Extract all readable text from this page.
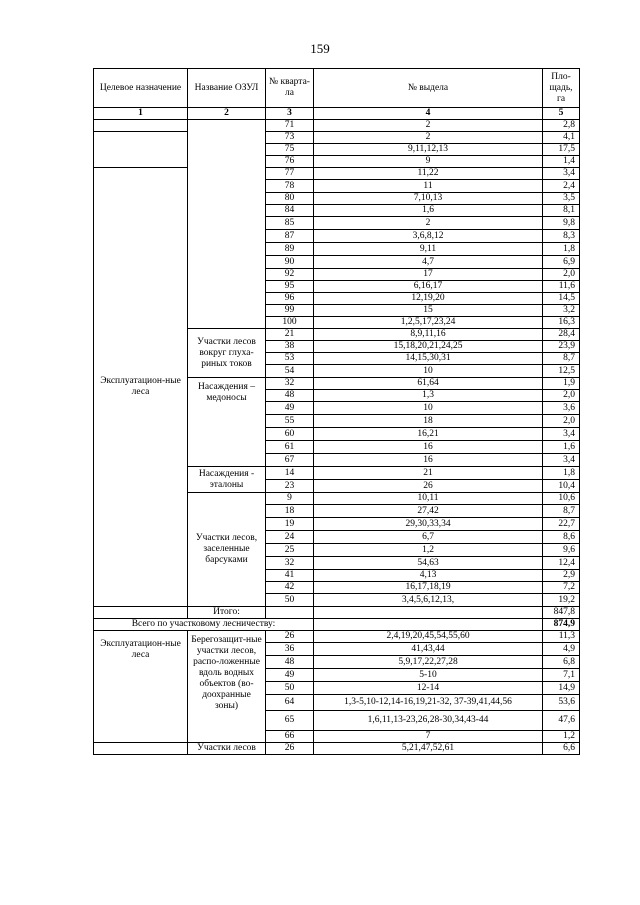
159
Целевое назначение	Название ОЗУЛ	№ кварта-ла	№ выдела	Пло-щадь, га
1	2	3	4	5
		71	2	2,8
		73	2	4,1
		75	9,11,12,13	17,5
		76	9	1,4
Эксплуатацион-ные леса		77	11,22	3,4
		78	11	2,4
		80	7,10,13	3,5
		84	1,6	8,1
		85	2	9,8
		87	3,6,8,12	8,3
		89	9,11	1,8
		90	4,7	6,9
		92	17	2,0
		95	6,16,17	11,6
		96	12,19,20	14,5
		99	15	3,2
		100	1,2,5,17,23,24	16,3
	Участки лесов вокруг глуха-риных токов	21	8,9,11,16	28,4
		38	15,18,20,21,24,25	23,9
		53	14,15,30,31	8,7
		54	10	12,5
	Насаждения – медоносы	32	61,64	1,9
		48	1,3	2,0
		49	10	3,6
		55	18	2,0
		60	16,21	3,4
		61	16	1,6
		67	16	3,4
	Насаждения - эталоны	14	21	1,8
		23	26	10,4
	Участки лесов, заселенные барсуками	9	10,11	10,6
		18	27,42	8,7
		19	29,30,33,34	22,7
		24	6,7	8,6
		25	1,2	9,6
		32	54,63	12,4
		41	4,13	2,9
		42	16,17,18,19	7,2
		50	3,4,5,6,12,13,	19,2
	Итого:			847,8
Всего по участковому лесничеству:				874,9
Эксплуатацион-ные леса	Берегозащит-ные участки лесов, распо-ложенные вдоль водных объектов (во-доохранные зоны)	26	2,4,19,20,45,54,55,60	11,3
		36	41,43,44	4,9
		48	5,9,17,22,27,28	6,8
		49	5-10	7,1
		50	12-14	14,9
		64	1,3-5,10-12,14-16,19,21-32, 37-39,41,44,56	53,6
		65	1,6,11,13-23,26,28-30,34,43-44	47,6
		66	7	1,2
	Участки лесов	26	5,21,47,52,61	6,6
